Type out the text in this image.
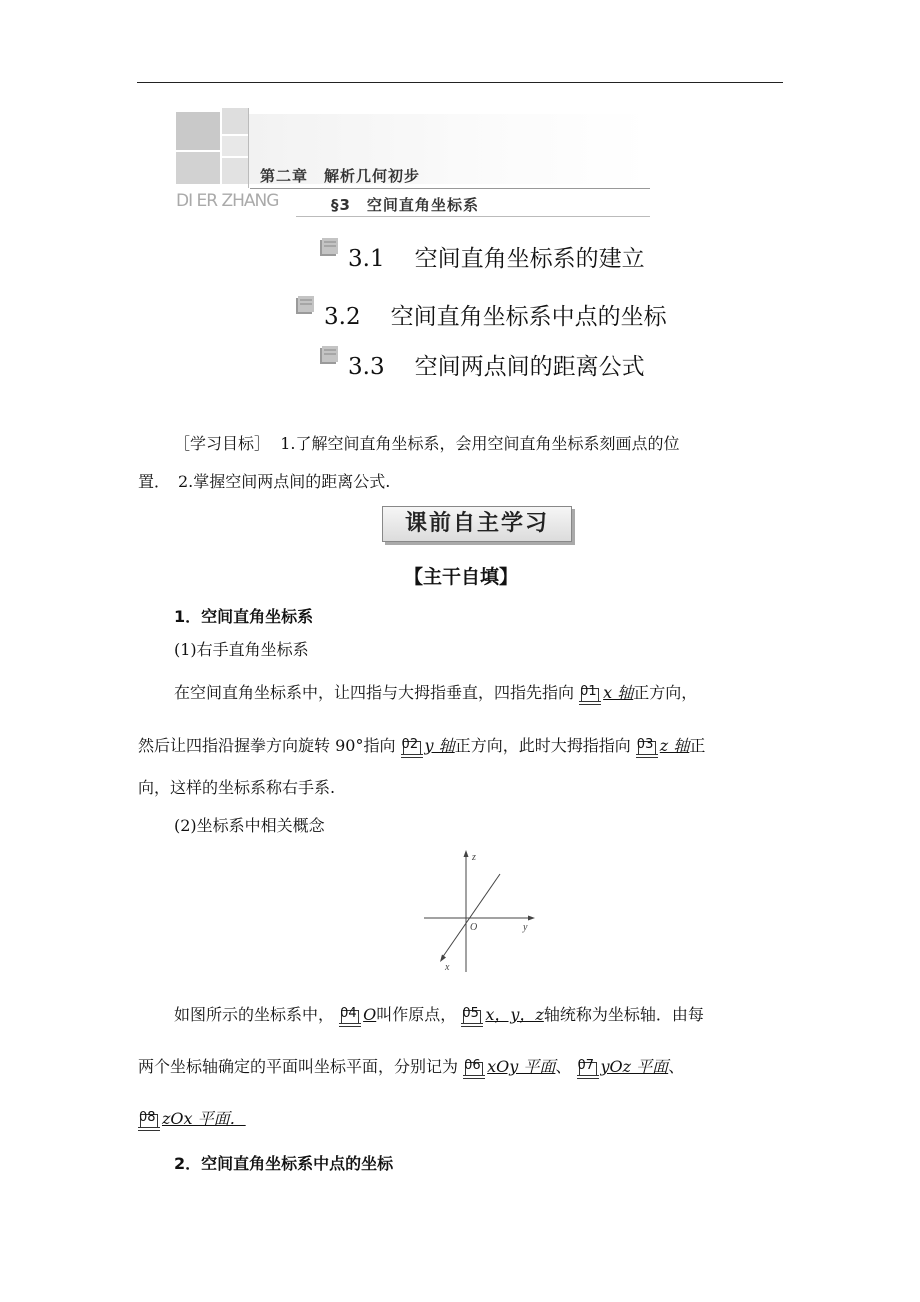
第二章　解析几何初步
DI ER ZHANG	§3　空间直角坐标系
3.1 空间直角坐标系的建立
3.2 空间直角坐标系中点的坐标
3.3 空间两点间的距离公式
［学习目标］ 1.了解空间直角坐标系，会用空间直角坐标系刻画点的位
置．　2.掌握空间两点间的距离公式.
课前自主学习
【主干自填】
1．空间直角坐标系
(1)右手直角坐标系
在空间直角坐标系中，让四指与大拇指垂直，四指先指向 01 x 轴正方向，
然后让四指沿握拳方向旋转 90°指向 02 y 轴正方向，此时大拇指指向 03 z 轴正
向，这样的坐标系称右手系.
(2)坐标系中相关概念
z
y
x
O
如图所示的坐标系中， 04 O叫作原点， 05 x，y，z轴统称为坐标轴．由每
两个坐标轴确定的平面叫坐标平面，分别记为 06 xOy 平面、 07 yOz 平面、
08 zOx 平面．
2．空间直角坐标系中点的坐标
